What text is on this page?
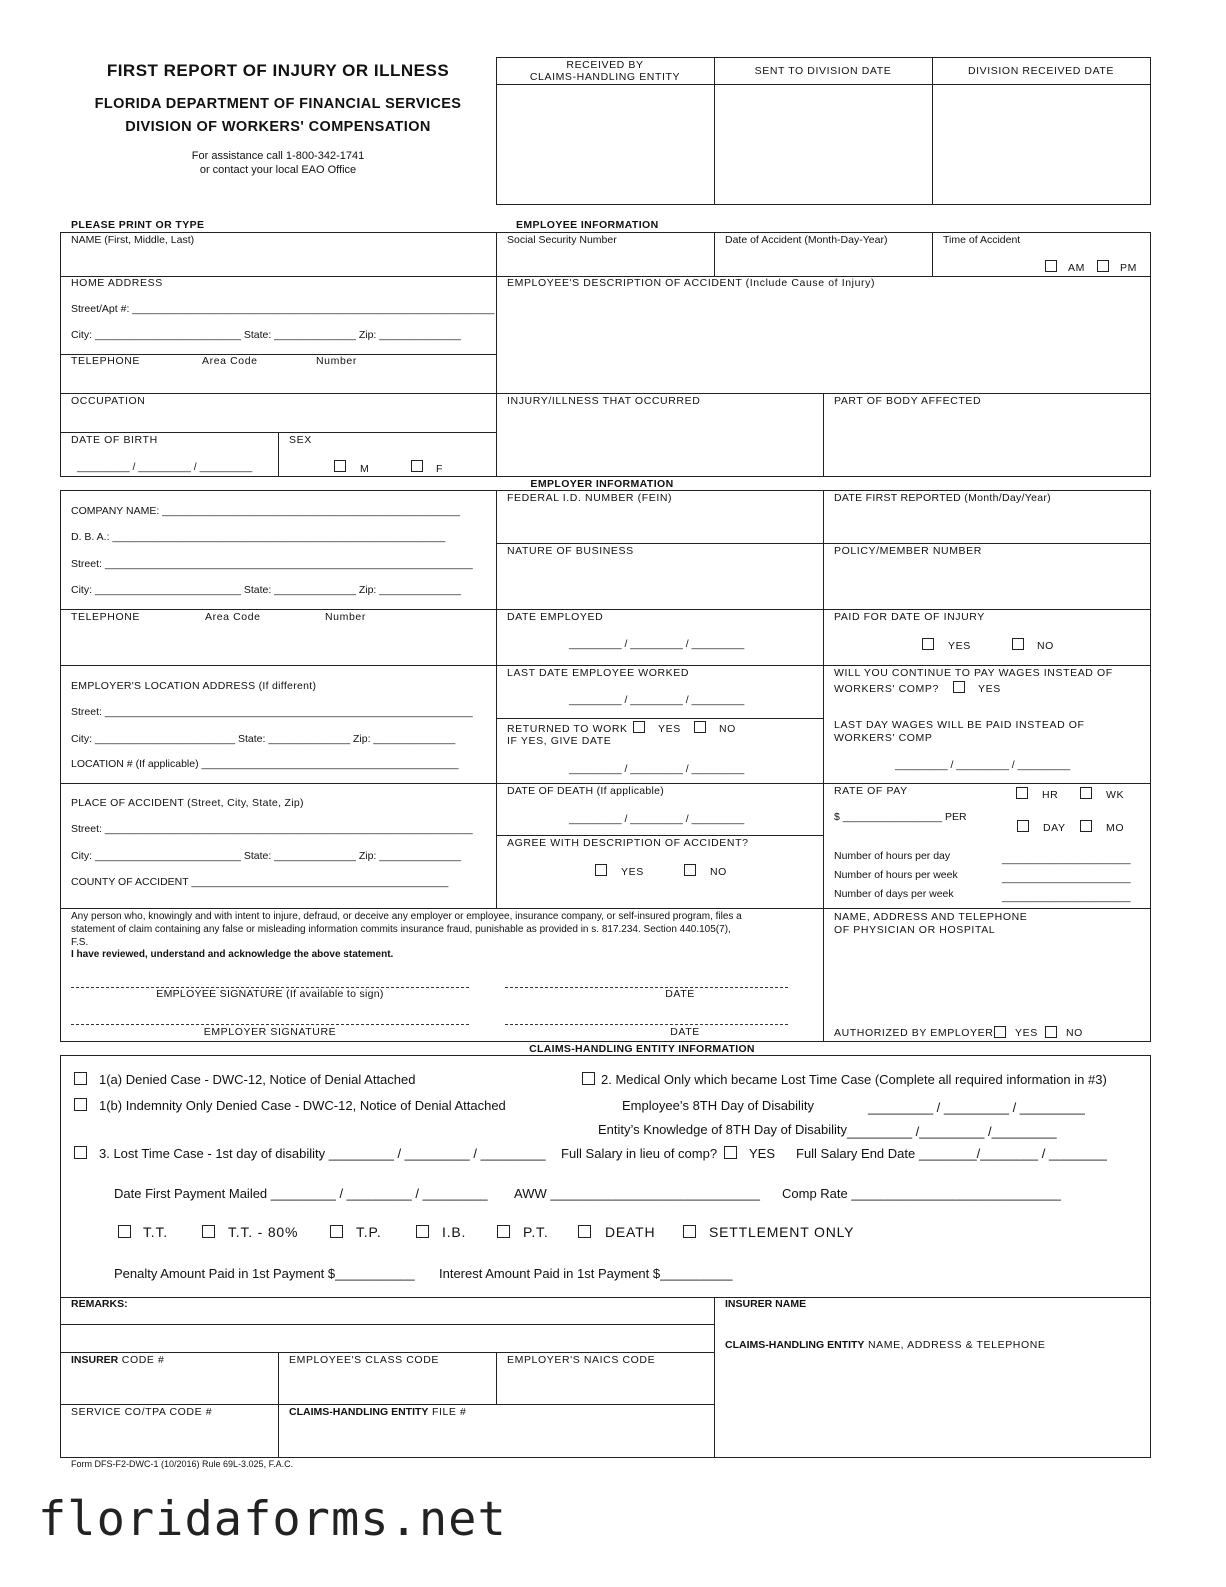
FIRST REPORT OF INJURY OR ILLNESS
FLORIDA DEPARTMENT OF FINANCIAL SERVICES
DIVISION OF WORKERS' COMPENSATION
For assistance call 1-800-342-1741
or contact your local EAO Office
RECEIVED BY
CLAIMS-HANDLING ENTITY	SENT TO DIVISION DATE	DIVISION RECEIVED DATE
PLEASE PRINT OR TYPE	EMPLOYEE INFORMATION
NAME (First, Middle, Last)	Social Security Number	Date of Accident (Month-Day-Year)	Time of Accident
AM	PM
HOME ADDRESS
Street/Apt #: ______________________________________________________________
City: _________________________ State: ______________ Zip: ______________
EMPLOYEE'S DESCRIPTION OF ACCIDENT (Include Cause of Injury)
TELEPHONE	Area Code	Number
OCCUPATION	INJURY/ILLNESS THAT OCCURRED	PART OF BODY AFFECTED
DATE OF BIRTH
_________ / _________ / _________
SEX
M	F
EMPLOYER INFORMATION
COMPANY NAME: ___________________________________________________
D. B. A.: _________________________________________________________
Street: _______________________________________________________________
City: _________________________ State: ______________ Zip: ______________
FEDERAL I.D. NUMBER (FEIN)	DATE FIRST REPORTED (Month/Day/Year)
NATURE OF BUSINESS	POLICY/MEMBER NUMBER
TELEPHONE	Area Code	Number	DATE EMPLOYED
_________ / _________ / _________
PAID FOR DATE OF INJURY
YES	NO
EMPLOYER'S LOCATION ADDRESS (If different)
Street: _______________________________________________________________
City: ________________________ State: ______________ Zip: ______________
LOCATION # (If applicable) ____________________________________________
LAST DATE EMPLOYEE WORKED
_________ / _________ / _________
WILL YOU CONTINUE TO PAY WAGES INSTEAD OF
WORKERS' COMP?	YES
RETURNED TO WORK	YES	NO
IF YES, GIVE DATE
_________ / _________ / _________
LAST DAY WAGES WILL BE PAID INSTEAD OF
WORKERS' COMP
_________ / _________ / _________
PLACE OF ACCIDENT (Street, City, State, Zip)
Street: _______________________________________________________________
City: _________________________ State: ______________ Zip: ______________
COUNTY OF ACCIDENT ____________________________________________
DATE OF DEATH (If applicable)
_________ / _________ / _________
AGREE WITH DESCRIPTION OF ACCIDENT?
YES	NO
RATE OF PAY	HR	WK
$ _________________ PER
DAY	MO
Number of hours per day	______________________
Number of hours per week	______________________
Number of days per week	______________________
Any person who, knowingly and with intent to injure, defraud, or deceive any employer or employee, insurance company, or self-insured program, files a
statement of claim containing any false or misleading information commits insurance fraud, punishable as provided in s. 817.234. Section 440.105(7),
F.S.
I have reviewed, understand and acknowledge the above statement.
EMPLOYEE SIGNATURE (If available to sign)	DATE
EMPLOYER SIGNATURE	DATE
NAME, ADDRESS AND TELEPHONE
OF PHYSICIAN OR HOSPITAL
AUTHORIZED BY EMPLOYER YES	NO
CLAIMS-HANDLING ENTITY INFORMATION
1(a) Denied Case - DWC-12, Notice of Denial Attached
1(b) Indemnity Only Denied Case - DWC-12, Notice of Denial Attached
2. Medical Only which became Lost Time Case (Complete all required information in #3)
Employee’s 8TH Day of Disability	_________ / _________ / _________
Entity’s Knowledge of 8TH Day of Disability _________ /_________ /_________
3. Lost Time Case - 1st day of disability _________ / _________ / _________ Full Salary in lieu of comp? YES Full Salary End Date ________/________ / ________
Date First Payment Mailed _________ / _________ / _________ AWW _____________________________ Comp Rate _____________________________
T.T.	T.T. - 80%	T.P.	I.B.	P.T.	DEATH	SETTLEMENT ONLY
Penalty Amount Paid in 1st Payment $___________ Interest Amount Paid in 1st Payment $__________
REMARKS:	INSURER NAME
CLAIMS-HANDLING ENTITY NAME, ADDRESS & TELEPHONE
INSURER CODE #	EMPLOYEE'S CLASS CODE	EMPLOYER'S NAICS CODE
SERVICE CO/TPA CODE #	CLAIMS-HANDLING ENTITY FILE #
Form DFS-F2-DWC-1 (10/2016) Rule 69L-3.025, F.A.C.
floridaforms.net
